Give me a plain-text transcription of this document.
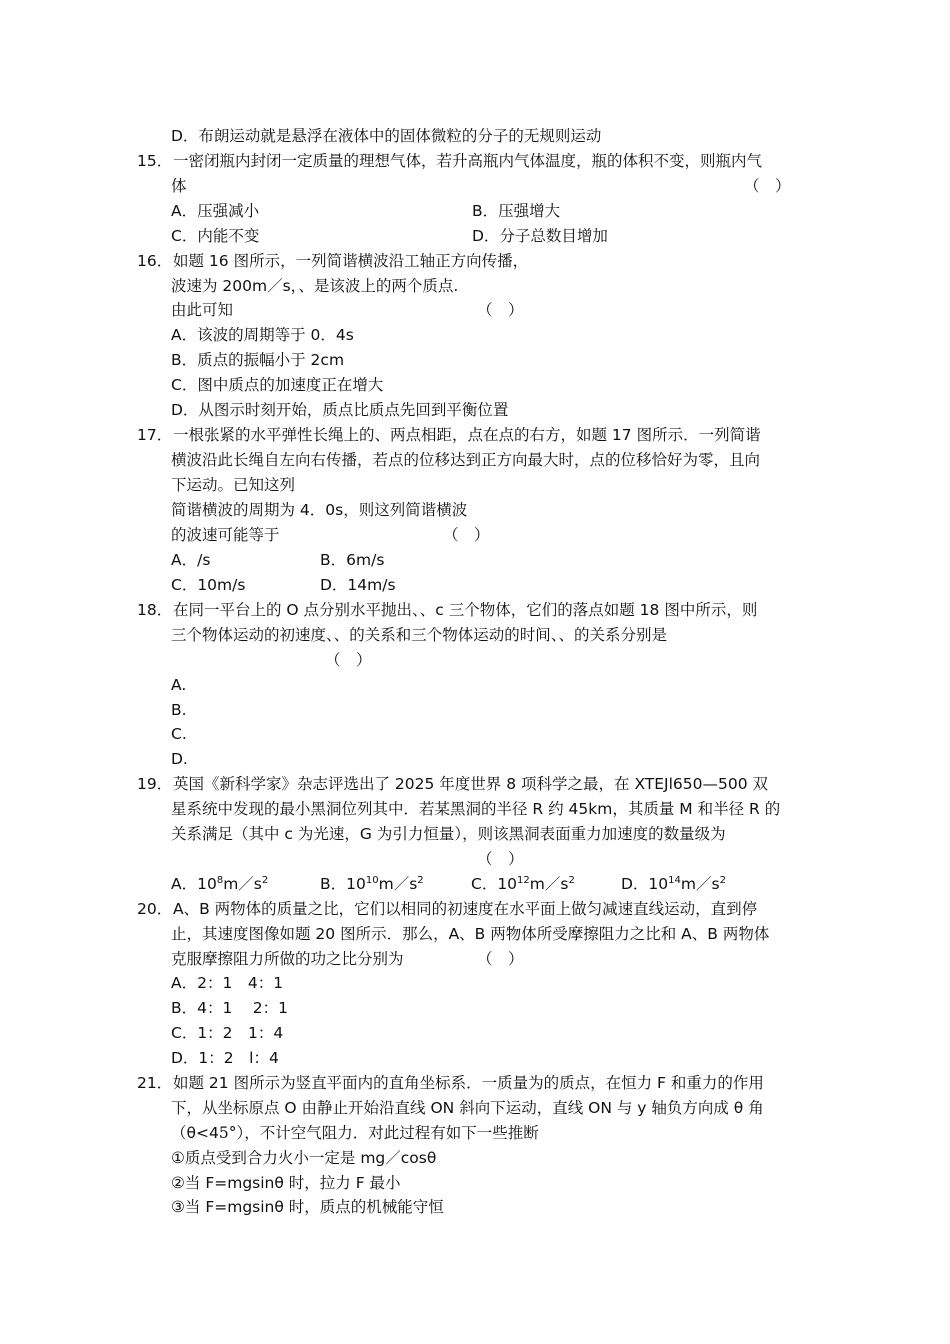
D．布朗运动就是悬浮在液体中的固体微粒的分子的无规则运动
15． 一密闭瓶内封闭一定质量的理想气体，若升高瓶内气体温度，瓶的体积不变，则瓶内气
体	（　）
A．压强减小	B．压强增大
C．内能不变	D．分子总数目增加
16． 如题 16 图所示，一列简谐横波沿工轴正方向传播，
波速为 200m／s，、是该波上的两个质点.
由此可知	（　）
A．该波的周期等于 0．4s
B．质点的振幅小于 2cm
C．图中质点的加速度正在增大
D．从图示时刻开始，质点比质点先回到平衡位置
17． 一根张紧的水平弹性长绳上的、两点相距，点在点的右方，如题 17 图所示．一列简谐
横波沿此长绳自左向右传播，若点的位移达到正方向最大时，点的位移恰好为零，且向
下运动。已知这列
简谐横波的周期为 4．0s，则这列简谐横波
的波速可能等于	（　）
A．/s	B．6m/s
C．10m/s	D．14m/s
18． 在同一平台上的 O 点分别水平抛出、、c 三个物体，它们的落点如题 18 图中所示，则
三个物体运动的初速度、、的关系和三个物体运动的时间、、的关系分别是
（　）
A.
B.
C.
D.
19． 英国《新科学家》杂志评选出了 2025 年度世界 8 项科学之最，在 XTEJl650—500 双
星系统中发现的最小黑洞位列其中．若某黑洞的半径 R 约 45km，其质量 M 和半径 R 的
关系满足（其中 c 为光速，G 为引力恒量），则该黑洞表面重力加速度的数量级为
（　）
A．$10^8m/s^2$	B．$10^{10}m/s^2$	C．$10^{12}m/s^2$	D．$10^{14}m/s^2$
20． A、B 两物体的质量之比，它们以相同的初速度在水平面上做匀减速直线运动，直到停
止，其速度图像如题 20 图所示．那么，A、B 两物体所受摩擦阻力之比和 A、B 两物体
克服摩擦阻力所做的功之比分别为	（　）
A．2：1　4：1
B．4：1　 2：1
C．1：2　1：4
D．1：2　l：4
21． 如题 21 图所示为竖直平面内的直角坐标系．一质量为的质点，在恒力 F 和重力的作用
下，从坐标原点 O 由静止开始沿直线 ON 斜向下运动，直线 ON 与 y 轴负方向成 θ 角
（θ<45°），不计空气阻力．对此过程有如下一些推断
①质点受到合力火小一定是 mg／cosθ
②当 F=mgsinθ 时，拉力 F 最小
③当 F=mgsinθ 时，质点的机械能守恒
